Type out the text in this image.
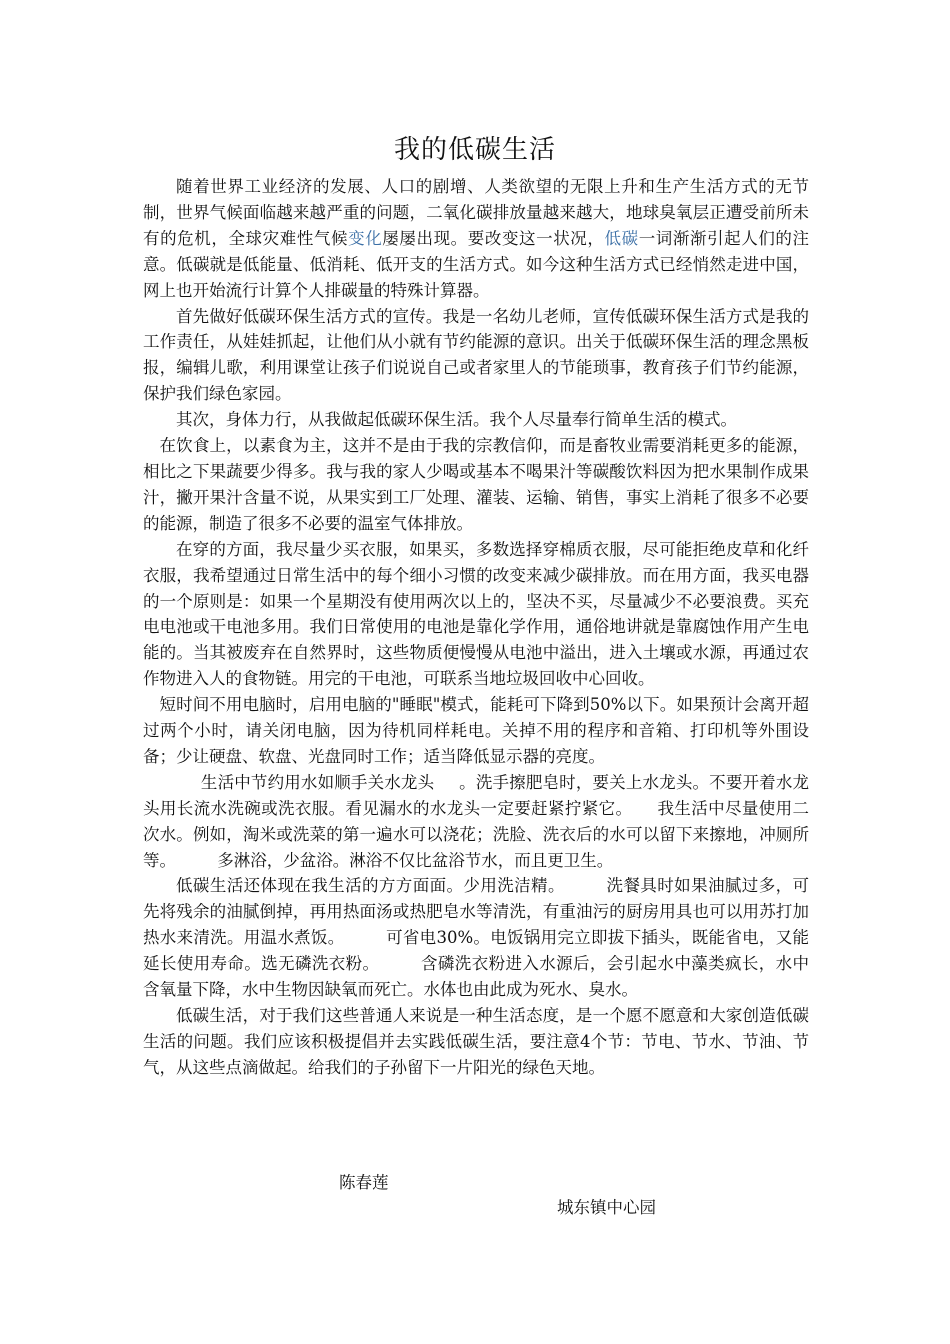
我的低碳生活

随着世界工业经济的发展、人口的剧增、人类欲望的无限上升和生产生活方式的无节制，世界气候面临越来越严重的问题，二氧化碳排放量越来越大，地球臭氧层正遭受前所未有的危机，全球灾难性气候变化屡屡出现。要改变这一状况，低碳一词渐渐引起人们的注意。低碳就是低能量、低消耗、低开支的生活方式。如今这种生活方式已经悄然走进中国，网上也开始流行计算个人排碳量的特殊计算器。

首先做好低碳环保生活方式的宣传。我是一名幼儿老师，宣传低碳环保生活方式是我的工作责任，从娃娃抓起，让他们从小就有节约能源的意识。出关于低碳环保生活的理念黑板报，编辑儿歌，利用课堂让孩子们说说自己或者家里人的节能琐事，教育孩子们节约能源，保护我们绿色家园。

其次，身体力行，从我做起低碳环保生活。我个人尽量奉行简单生活的模式。

在饮食上，以素食为主，这并不是由于我的宗教信仰，而是畜牧业需要消耗更多的能源，相比之下果蔬要少得多。我与我的家人少喝或基本不喝果汁等碳酸饮料因为把水果制作成果汁，撇开果汁含量不说，从果实到工厂处理、灌装、运输、销售，事实上消耗了很多不必要的能源，制造了很多不必要的温室气体排放。

在穿的方面，我尽量少买衣服，如果买，多数选择穿棉质衣服，尽可能拒绝皮草和化纤衣服，我希望通过日常生活中的每个细小习惯的改变来减少碳排放。而在用方面，我买电器的一个原则是：如果一个星期没有使用两次以上的，坚决不买，尽量减少不必要浪费。买充电电池或干电池多用。我们日常使用的电池是靠化学作用，通俗地讲就是靠腐蚀作用产生电能的。当其被废弃在自然界时，这些物质便慢慢从电池中溢出，进入土壤或水源，再通过农作物进入人的食物链。用完的干电池，可联系当地垃圾回收中心回收。

短时间不用电脑时，启用电脑的"睡眠"模式，能耗可下降到50%以下。如果预计会离开超过两个小时，请关闭电脑，因为待机同样耗电。关掉不用的程序和音箱、打印机等外围设备；少让硬盘、软盘、光盘同时工作；适当降低显示器的亮度。

生活中节约用水如顺手关水龙头 。洗手擦肥皂时，要关上水龙头。不要开着水龙头用长流水洗碗或洗衣服。看见漏水的水龙头一定要赶紧拧紧它。 我生活中尽量使用二次水。例如，淘米或洗菜的第一遍水可以浇花；洗脸、洗衣后的水可以留下来擦地，冲厕所等。	多淋浴，少盆浴。淋浴不仅比盆浴节水，而且更卫生。

低碳生活还体现在我生活的方方面面。少用洗洁精。	洗餐具时如果油腻过多，可先将残余的油腻倒掉，再用热面汤或热肥皂水等清洗，有重油污的厨房用具也可以用苏打加热水来清洗。用温水煮饭。	可省电30%。电饭锅用完立即拔下插头，既能省电，又能延长使用寿命。选无磷洗衣粉。	含磷洗衣粉进入水源后，会引起水中藻类疯长，水中含氧量下降，水中生物因缺氧而死亡。水体也由此成为死水、臭水。

低碳生活，对于我们这些普通人来说是一种生活态度，是一个愿不愿意和大家创造低碳生活的问题。我们应该积极提倡并去实践低碳生活，要注意4个节：节电、节水、节油、节气，从这些点滴做起。给我们的子孙留下一片阳光的绿色天地。

陈春莲
城东镇中心园
